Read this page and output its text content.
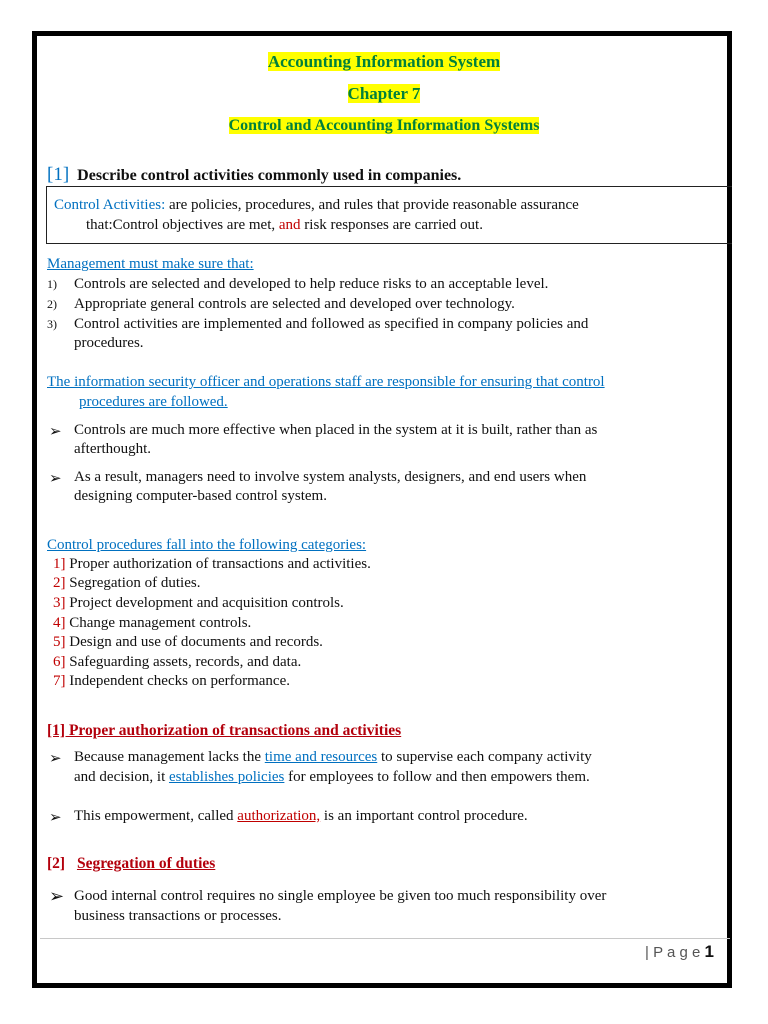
Accounting Information System
Chapter 7
Control and Accounting Information Systems
[1] Describe control activities commonly used in companies.
Control Activities: are policies, procedures, and rules that provide reasonable assurance
that:Control objectives are met, and risk responses are carried out.
Management must make sure that:
1) Controls are selected and developed to help reduce risks to an acceptable level.
2) Appropriate general controls are selected and developed over technology.
3) Control activities are implemented and followed as specified in company policies and
procedures.
The information security officer and operations staff are responsible for ensuring that control
procedures are followed.
➢ Controls are much more effective when placed in the system at it is built, rather than as
afterthought.
➢ As a result, managers need to involve system analysts, designers, and end users when
designing computer-based control system.
Control procedures fall into the following categories:
1] Proper authorization of transactions and activities.
2] Segregation of duties.
3] Project development and acquisition controls.
4] Change management controls.
5] Design and use of documents and records.
6] Safeguarding assets, records, and data.
7] Independent checks on performance.
[1] Proper authorization of transactions and activities
➢ Because management lacks the time and resources to supervise each company activity
and decision, it establishes policies for employees to follow and then empowers them.
➢ This empowerment, called authorization, is an important control procedure.
[2] Segregation of duties
➢ Good internal control requires no single employee be given too much responsibility over
business transactions or processes.
| P a g e 1
